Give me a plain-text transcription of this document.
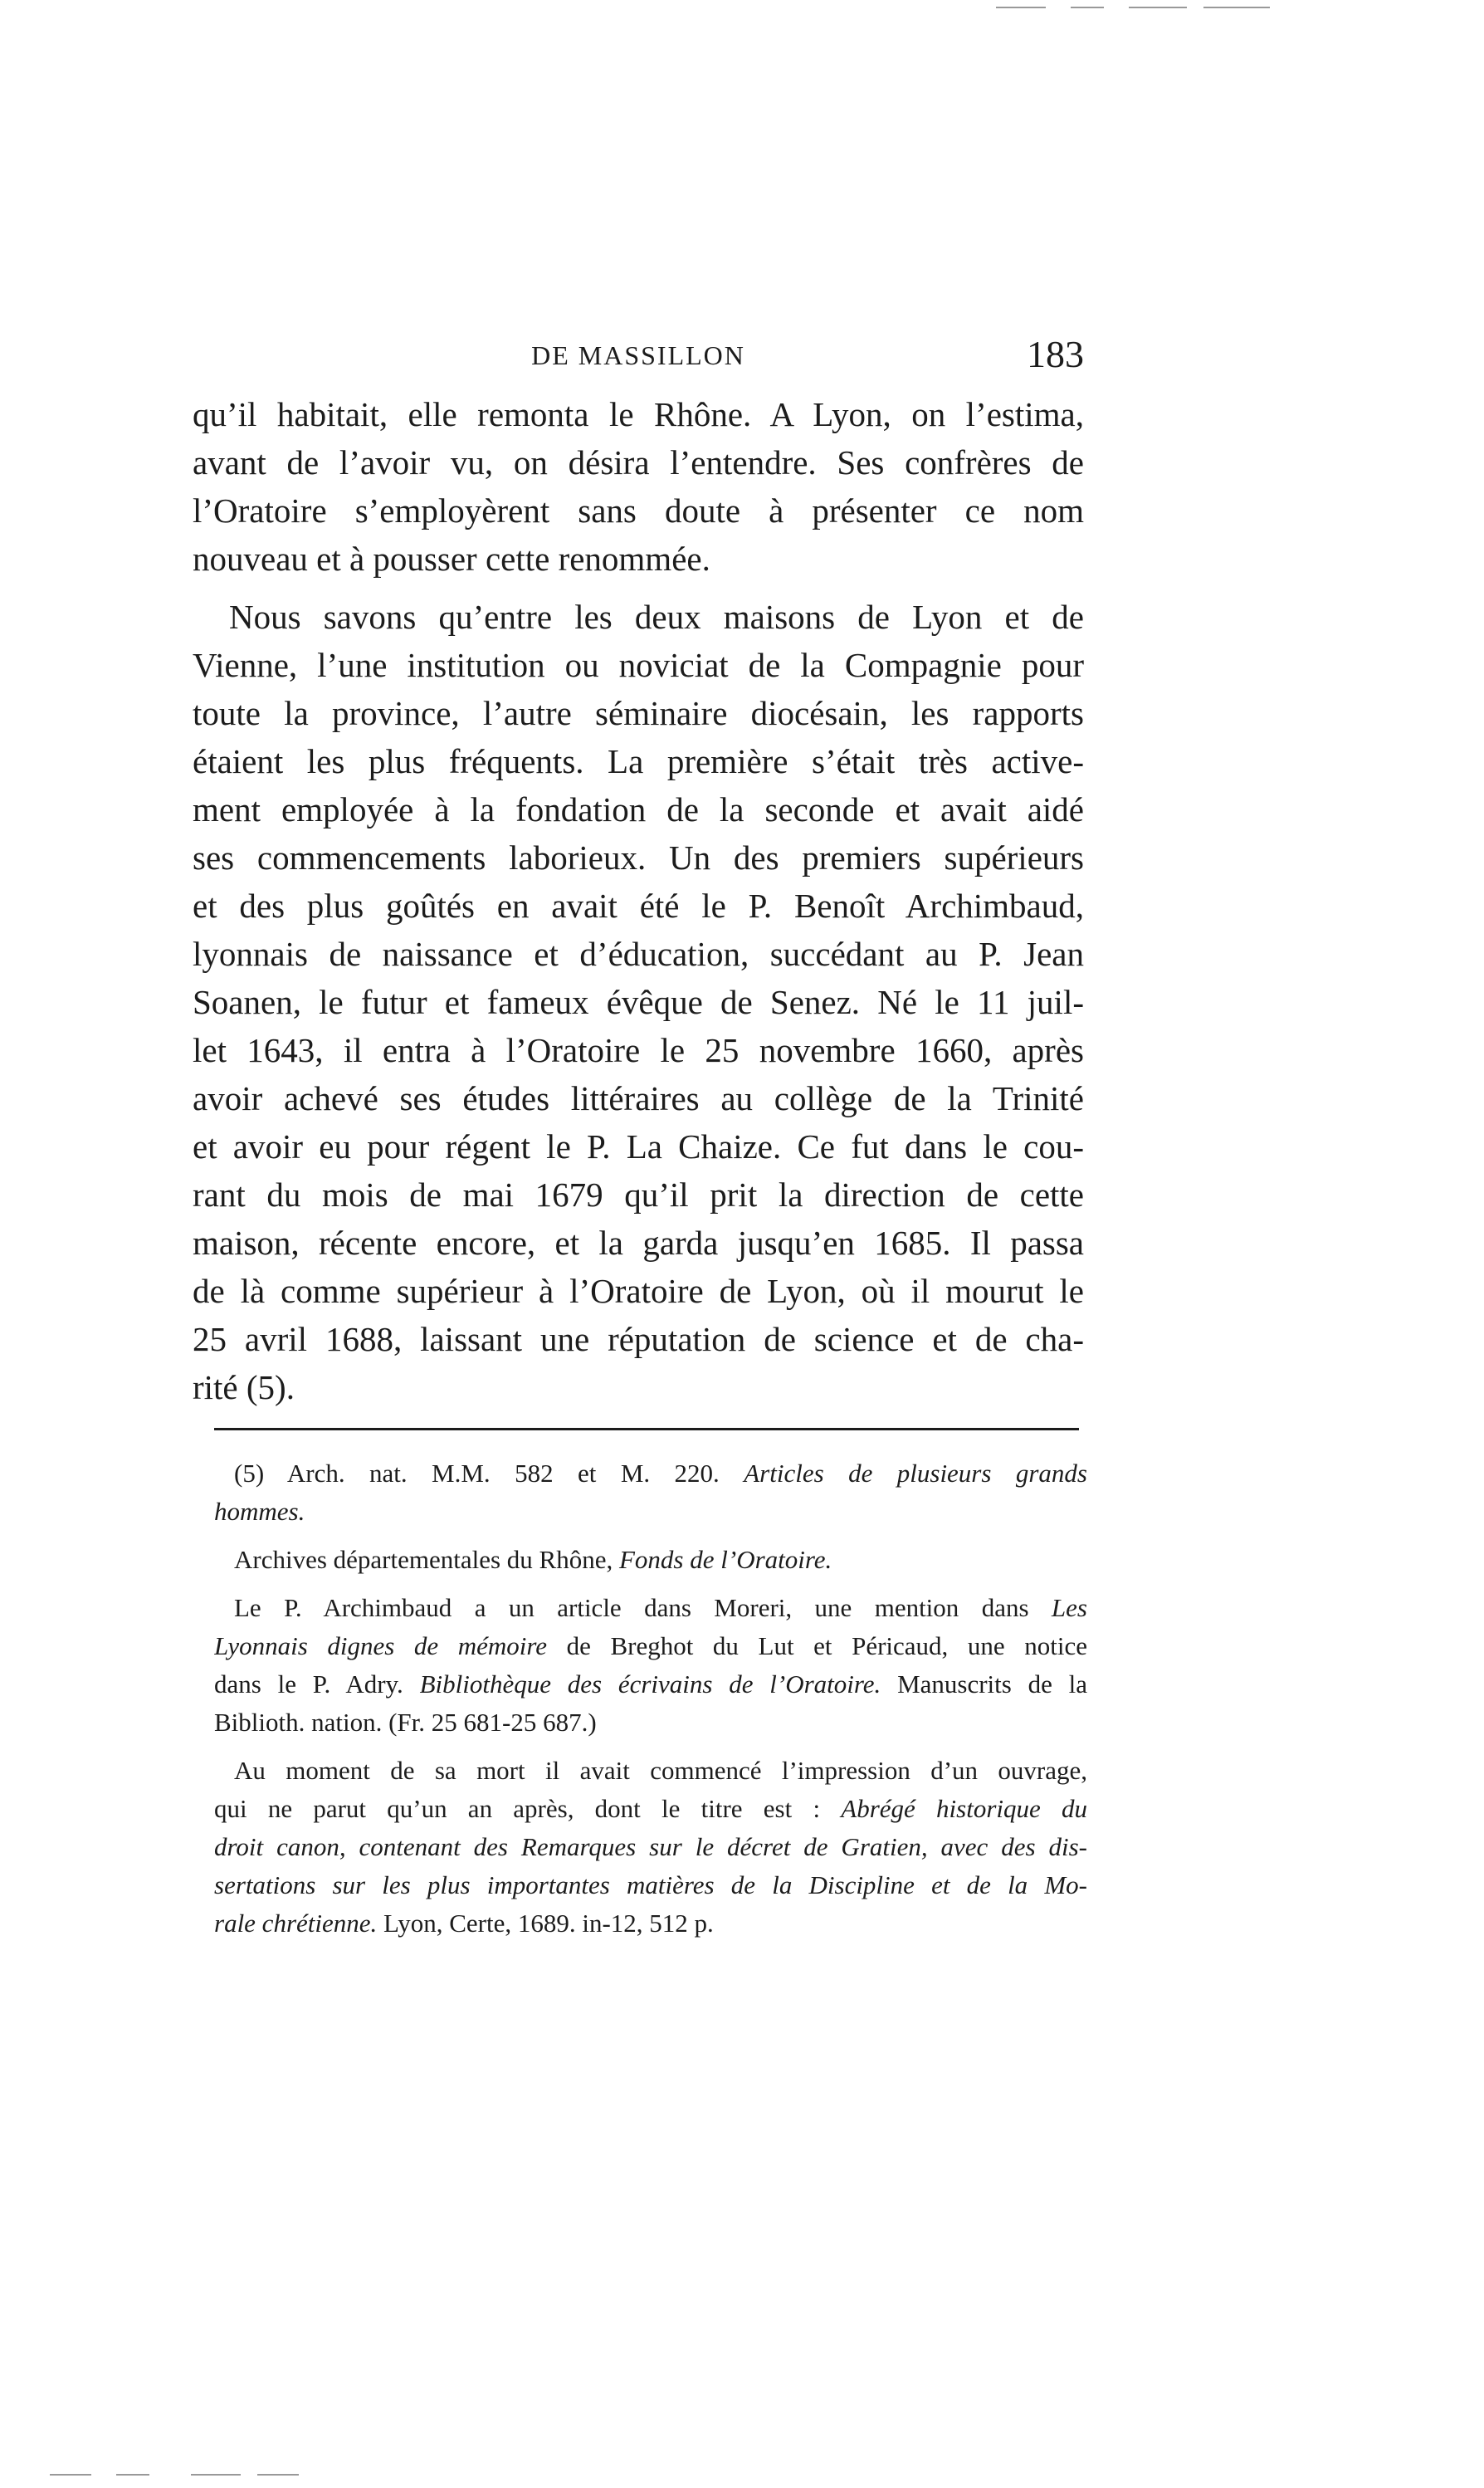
DE MASSILLON	183
qu’il habitait, elle remonta le Rhône. A Lyon, on l’estima,
avant de l’avoir vu, on désira l’entendre. Ses confrères de
l’Oratoire s’employèrent sans doute à présenter ce nom
nouveau et à pousser cette renommée.
Nous savons qu’entre les deux maisons de Lyon et de
Vienne, l’une institution ou noviciat de la Compagnie pour
toute la province, l’autre séminaire diocésain, les rapports
étaient les plus fréquents. La première s’était très active-
ment employée à la fondation de la seconde et avait aidé
ses commencements laborieux. Un des premiers supérieurs
et des plus goûtés en avait été le P. Benoît Archimbaud,
lyonnais de naissance et d’éducation, succédant au P. Jean
Soanen, le futur et fameux évêque de Senez. Né le 11 juil-
let 1643, il entra à l’Oratoire le 25 novembre 1660, après
avoir achevé ses études littéraires au collège de la Trinité
et avoir eu pour régent le P. La Chaize. Ce fut dans le cou-
rant du mois de mai 1679 qu’il prit la direction de cette
maison, récente encore, et la garda jusqu’en 1685. Il passa
de là comme supérieur à l’Oratoire de Lyon, où il mourut le
25 avril 1688, laissant une réputation de science et de cha-
rité (5).
(5) Arch. nat. M.M. 582 et M. 220. Articles de plusieurs grands
hommes.
Archives départementales du Rhône, Fonds de l’Oratoire.
Le P. Archimbaud a un article dans Moreri, une mention dans Les
Lyonnais dignes de mémoire de Breghot du Lut et Péricaud, une notice
dans le P. Adry. Bibliothèque des écrivains de l’Oratoire. Manuscrits de la
Biblioth. nation. (Fr. 25 681-25 687.)
Au moment de sa mort il avait commencé l’impression d’un ouvrage,
qui ne parut qu’un an après, dont le titre est : Abrégé historique du
droit canon, contenant des Remarques sur le décret de Gratien, avec des dis-
sertations sur les plus importantes matières de la Discipline et de la Mo-
rale chrétienne. Lyon, Certe, 1689. in-12, 512 p.
